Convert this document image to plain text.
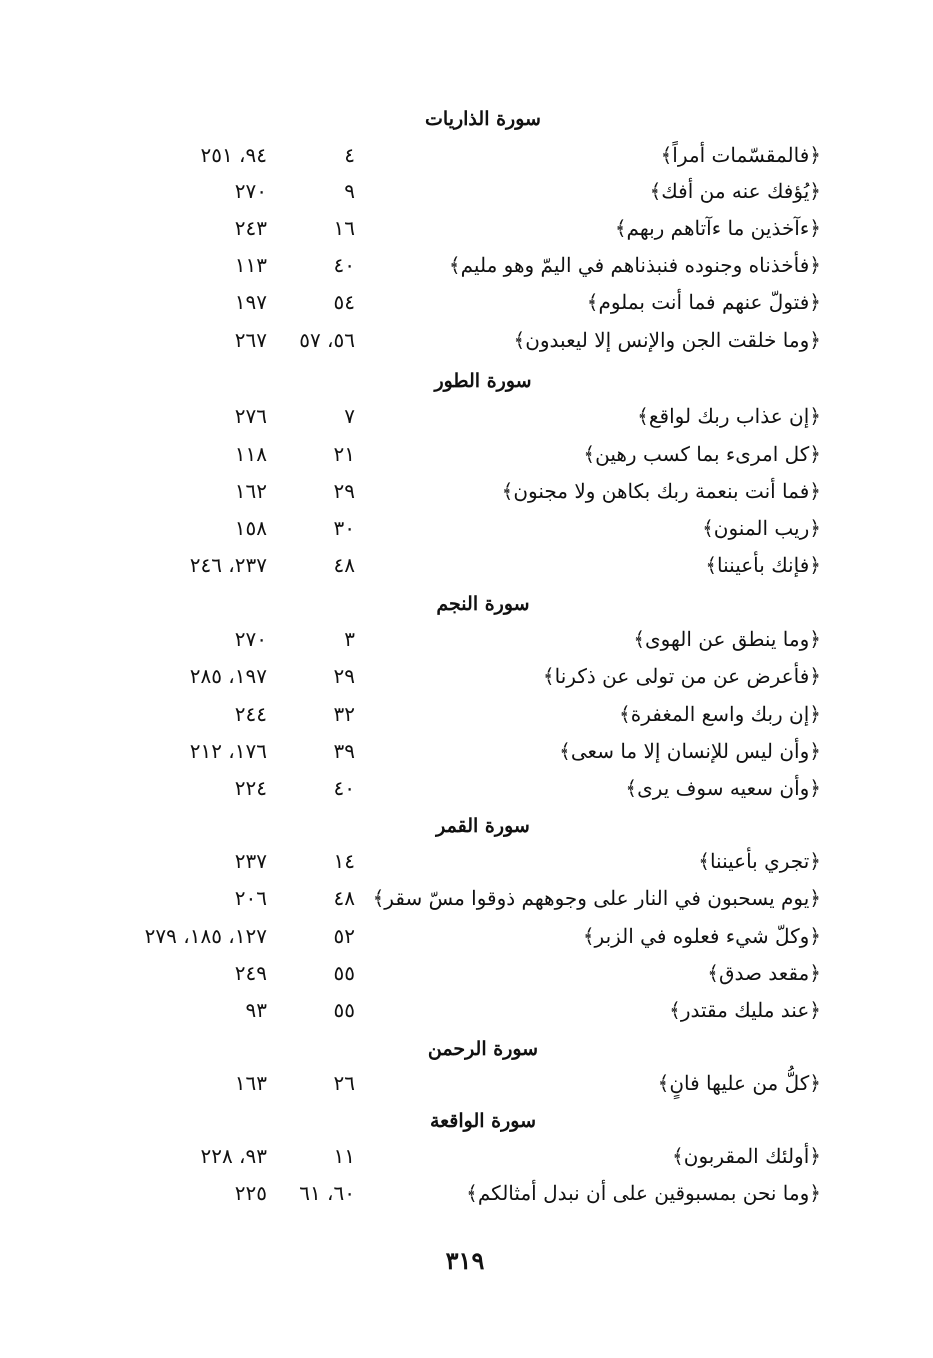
٣١٩
سورة الذاريات
﴿فالمقسّمات أمراً﴾
٤
٩٤، ٢٥١
﴿يُؤفك عنه من أفك﴾
٩
٢٧٠
﴿ءآخذين ما ءآتاهم ربهم﴾
١٦
٢٤٣
﴿فأخذناه وجنوده فنبذناهم في اليمّ وهو مليم﴾
٤٠
١١٣
﴿فتولّ عنهم فما أنت بملوم﴾
٥٤
١٩٧
﴿وما خلقت الجن والإنس إلا ليعبدون﴾
٥٦، ٥٧
٢٦٧
سورة الطور
﴿إن عذاب ربك لواقع﴾
٧
٢٧٦
﴿كل امرىء بما كسب رهين﴾
٢١
١١٨
﴿فما أنت بنعمة ربك بكاهن ولا مجنون﴾
٢٩
١٦٢
﴿ريب المنون﴾
٣٠
١٥٨
﴿فإنك بأعيننا﴾
٤٨
٢٣٧، ٢٤٦
سورة النجم
﴿وما ينطق عن الهوى﴾
٣
٢٧٠
﴿فأعرض عن من تولى عن ذكرنا﴾
٢٩
١٩٧، ٢٨٥
﴿إن ربك واسع المغفرة﴾
٣٢
٢٤٤
﴿وأن ليس للإنسان إلا ما سعى﴾
٣٩
١٧٦، ٢١٢
﴿وأن سعيه سوف يرى﴾
٤٠
٢٢٤
سورة القمر
﴿تجري بأعيننا﴾
١٤
٢٣٧
﴿يوم يسحبون في النار على وجوههم ذوقوا مسّ سقر﴾
٤٨
٢٠٦
﴿وكلّ شيء فعلوه في الزبر﴾
٥٢
١٢٧، ١٨٥، ٢٧٩
﴿مقعد صدق﴾
٥٥
٢٤٩
﴿عند مليك مقتدر﴾
٥٥
٩٣
سورة الرحمن
﴿كلُّ من عليها فانٍ﴾
٢٦
١٦٣
سورة الواقعة
﴿أولئك المقربون﴾
١١
٩٣، ٢٢٨
﴿وما نحن بمسبوقين على أن نبدل أمثالكم﴾
٦٠، ٦١
٢٢٥
